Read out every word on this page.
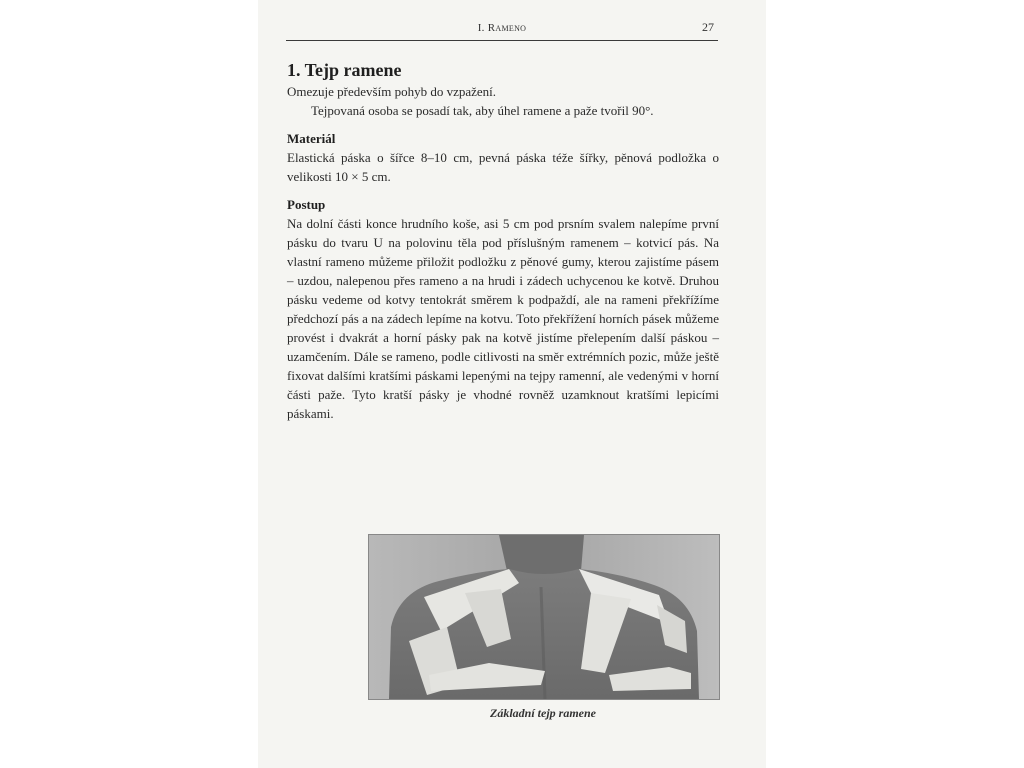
I. Rameno	27
1. Tejp ramene

Omezuje především pohyb do vzpažení.

Tejpovaná osoba se posadí tak, aby úhel ramene a paže tvořil 90°.

Materiál

Elastická páska o šířce 8–10 cm, pevná páska téže šířky, pěnová podložka o velikosti 10 × 5 cm.

Postup

Na dolní části konce hrudního koše, asi 5 cm pod prsním svalem nalepíme první pásku do tvaru U na polovinu těla pod příslušným ramenem – kotvicí pás. Na vlastní rameno můžeme přiložit podložku z pěnové gumy, kterou zajistíme pásem – uzdou, nalepenou přes rameno a na hrudi i zádech uchycenou ke kotvě. Druhou pásku vedeme od kotvy tentokrát směrem k podpaždí, ale na rameni překřížíme předchozí pás a na zádech lepíme na kotvu. Toto překřížení horních pásek můžeme provést i dvakrát a horní pásky pak na kotvě jistíme přelepením další páskou – uzamčením. Dále se rameno, podle citlivosti na směr extrémních pozic, může ještě fixovat dalšími kratšími páskami lepenými na tejpy ramenní, ale vedenými v horní části paže. Tyto kratší pásky je vhodné rovněž uzamknout kratšími lepicími páskami.

Základní tejp ramene
